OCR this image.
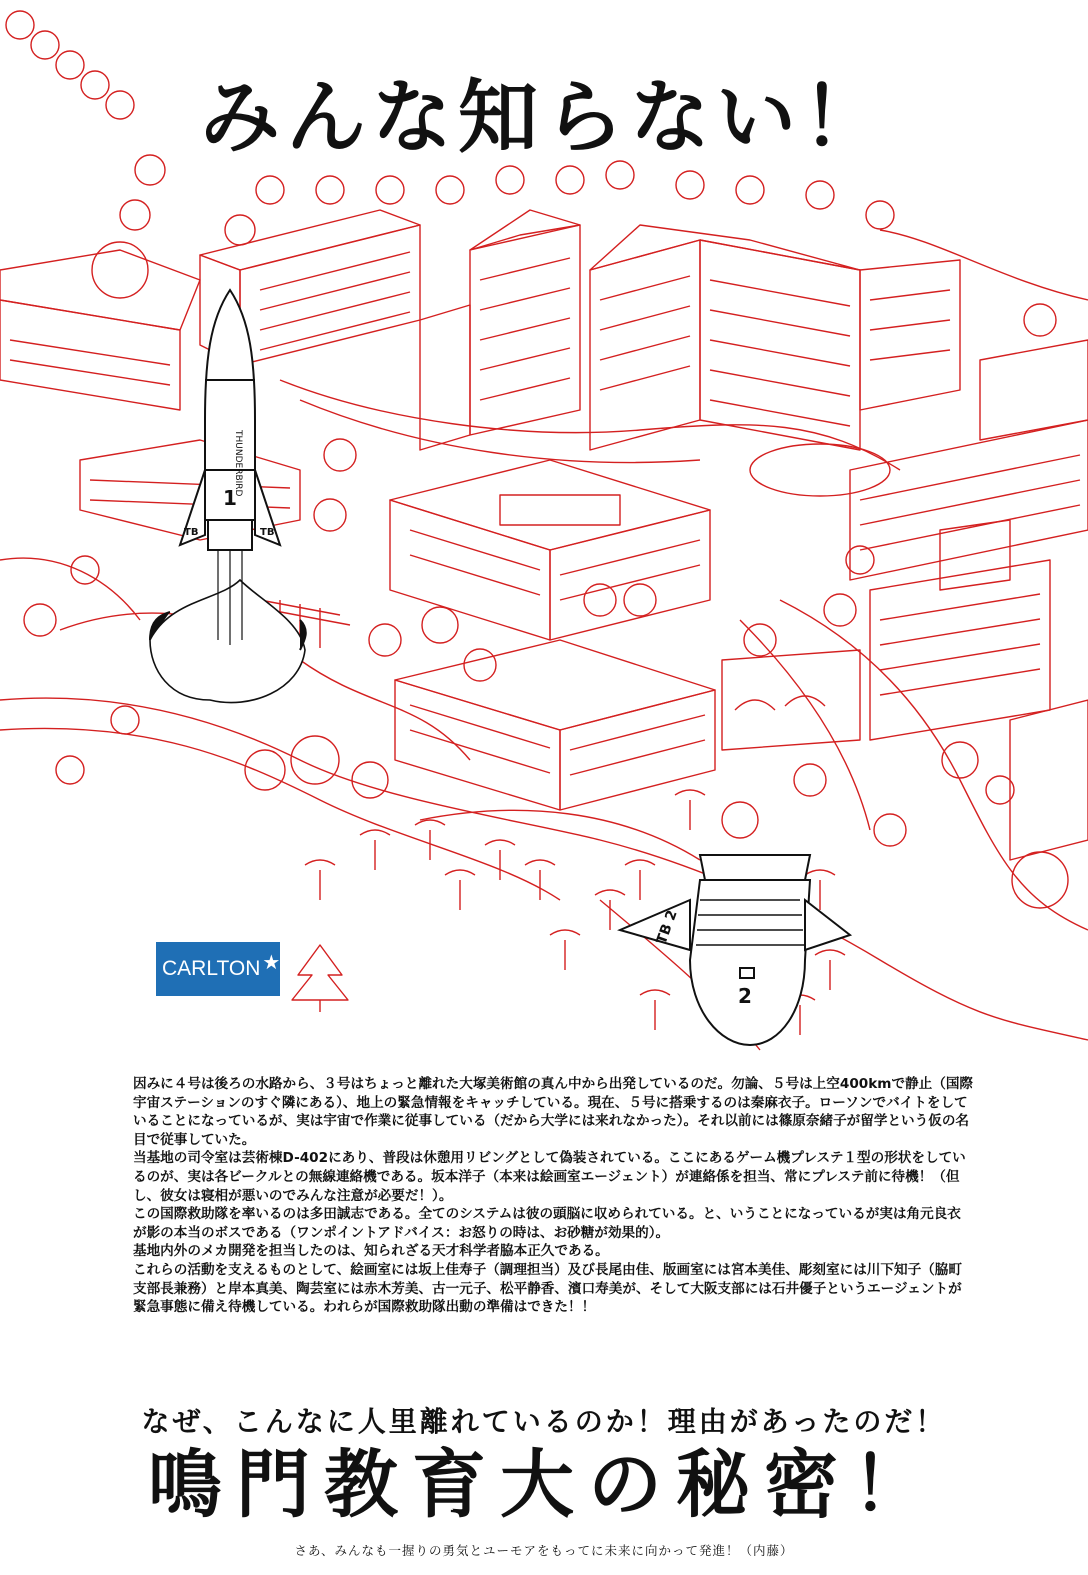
THUNDERBIRD
1
TB	TB
TB 2
2
みんな知らない！
CARLTON ★

因みに４号は後ろの水路から、３号はちょっと離れた大塚美術館の真ん中から出発しているのだ。勿論、５号は上空400kmで静止（国際宇宙ステーションのすぐ隣にある）、地上の緊急情報をキャッチしている。現在、５号に搭乗するのは秦麻衣子。ローソンでバイトをしていることになっているが、実は宇宙で作業に従事している（だから大学には来れなかった）。それ以前には篠原奈緒子が留学という仮の名目で従事していた。

当基地の司令室は芸術棟D-402にあり、普段は休憩用リビングとして偽装されている。ここにあるゲーム機プレステ１型の形状をしているのが、実は各ビークルとの無線連絡機である。坂本洋子（本来は絵画室エージェント）が連絡係を担当、常にプレステ前に待機！（但し、彼女は寝相が悪いのでみんな注意が必要だ！）。

この国際救助隊を率いるのは多田誠志である。全てのシステムは彼の頭脳に収められている。と、いうことになっているが実は角元良衣が影の本当のボスである（ワンポイントアドバイス：お怒りの時は、お砂糖が効果的）。

基地内外のメカ開発を担当したのは、知られざる天才科学者脇本正久である。

これらの活動を支えるものとして、絵画室には坂上佳寿子（調理担当）及び長尾由佳、版画室には宮本美佳、彫刻室には川下知子（脇町支部長兼務）と岸本真美、陶芸室には赤木芳美、古一元子、松平静香、濱口寿美が、そして大阪支部には石井優子というエージェントが緊急事態に備え待機している。われらが国際救助隊出動の準備はできた！！

なぜ、こんなに人里離れているのか！理由があったのだ！
鳴門教育大の秘密！
さあ、みんなも一握りの勇気とユーモアをもってに未来に向かって発進！（内藤）
